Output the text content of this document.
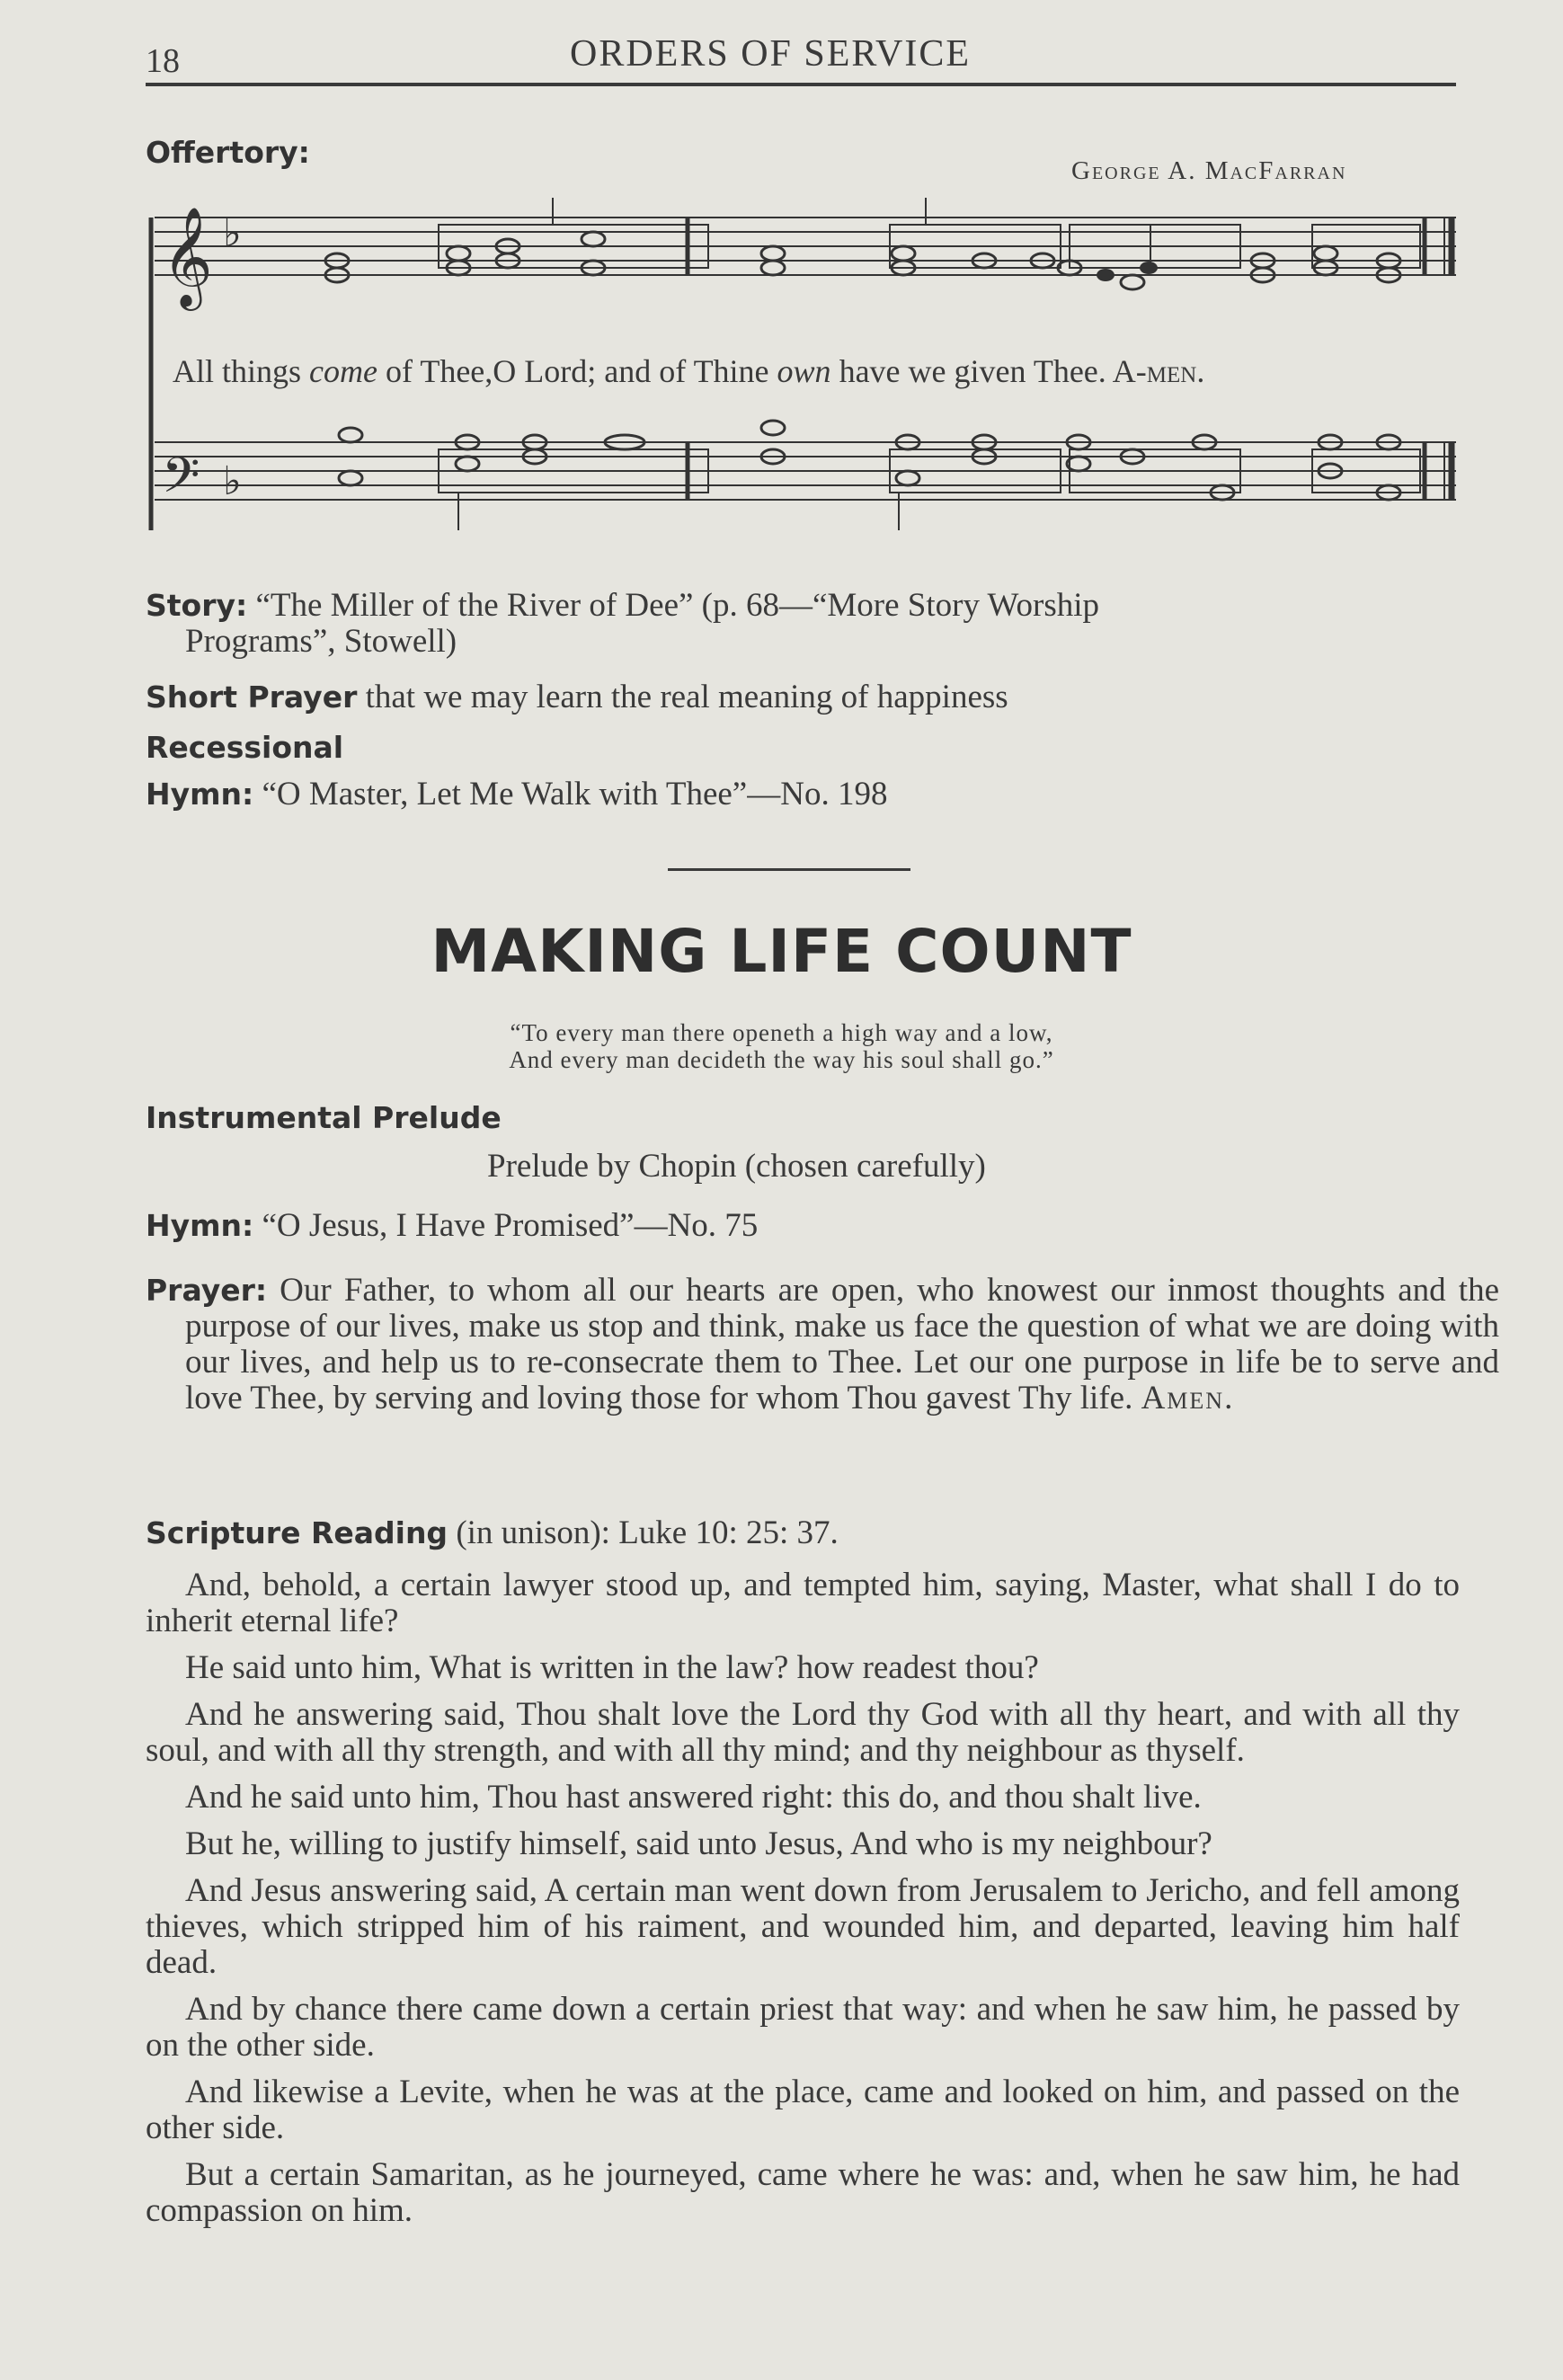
18	ORDERS OF SERVICE
Offertory:
George A. MacFarran
𝄞
𝄢
♭
♭
All things come of Thee,O Lord; and of Thine own have we given Thee. A-men.
Story: “The Miller of the River of Dee” (p. 68—“More Story Worship
Programs”, Stowell)
Short Prayer that we may learn the real meaning of happiness
Recessional
Hymn: “O Master, Let Me Walk with Thee”—No. 198
MAKING LIFE COUNT
“To every man there openeth a high way and a low,
And every man decideth the way his soul shall go.”
Instrumental Prelude
Prelude by Chopin (chosen carefully)
Hymn: “O Jesus, I Have Promised”—No. 75
Prayer: Our Father, to whom all our hearts are open, who knowest our inmost thoughts and the purpose of our lives, make us stop and think, make us face the question of what we are doing with our lives, and help us to re-consecrate them to Thee. Let our one purpose in life be to serve and love Thee, by serving and loving those for whom Thou gavest Thy life. Amen.
Scripture Reading (in unison): Luke 10: 25: 37.
And, behold, a certain lawyer stood up, and tempted him, saying, Master, what shall I do to inherit eternal life?
He said unto him, What is written in the law? how readest thou?
And he answering said, Thou shalt love the Lord thy God with all thy heart, and with all thy soul, and with all thy strength, and with all thy mind; and thy neighbour as thyself.
And he said unto him, Thou hast answered right: this do, and thou shalt live.
But he, willing to justify himself, said unto Jesus, And who is my neighbour?
And Jesus answering said, A certain man went down from Jerusalem to Jericho, and fell among thieves, which stripped him of his raiment, and wounded him, and departed, leaving him half dead.
And by chance there came down a certain priest that way: and when he saw him, he passed by on the other side.
And likewise a Levite, when he was at the place, came and looked on him, and passed on the other side.
But a certain Samaritan, as he journeyed, came where he was: and, when he saw him, he had compassion on him.
